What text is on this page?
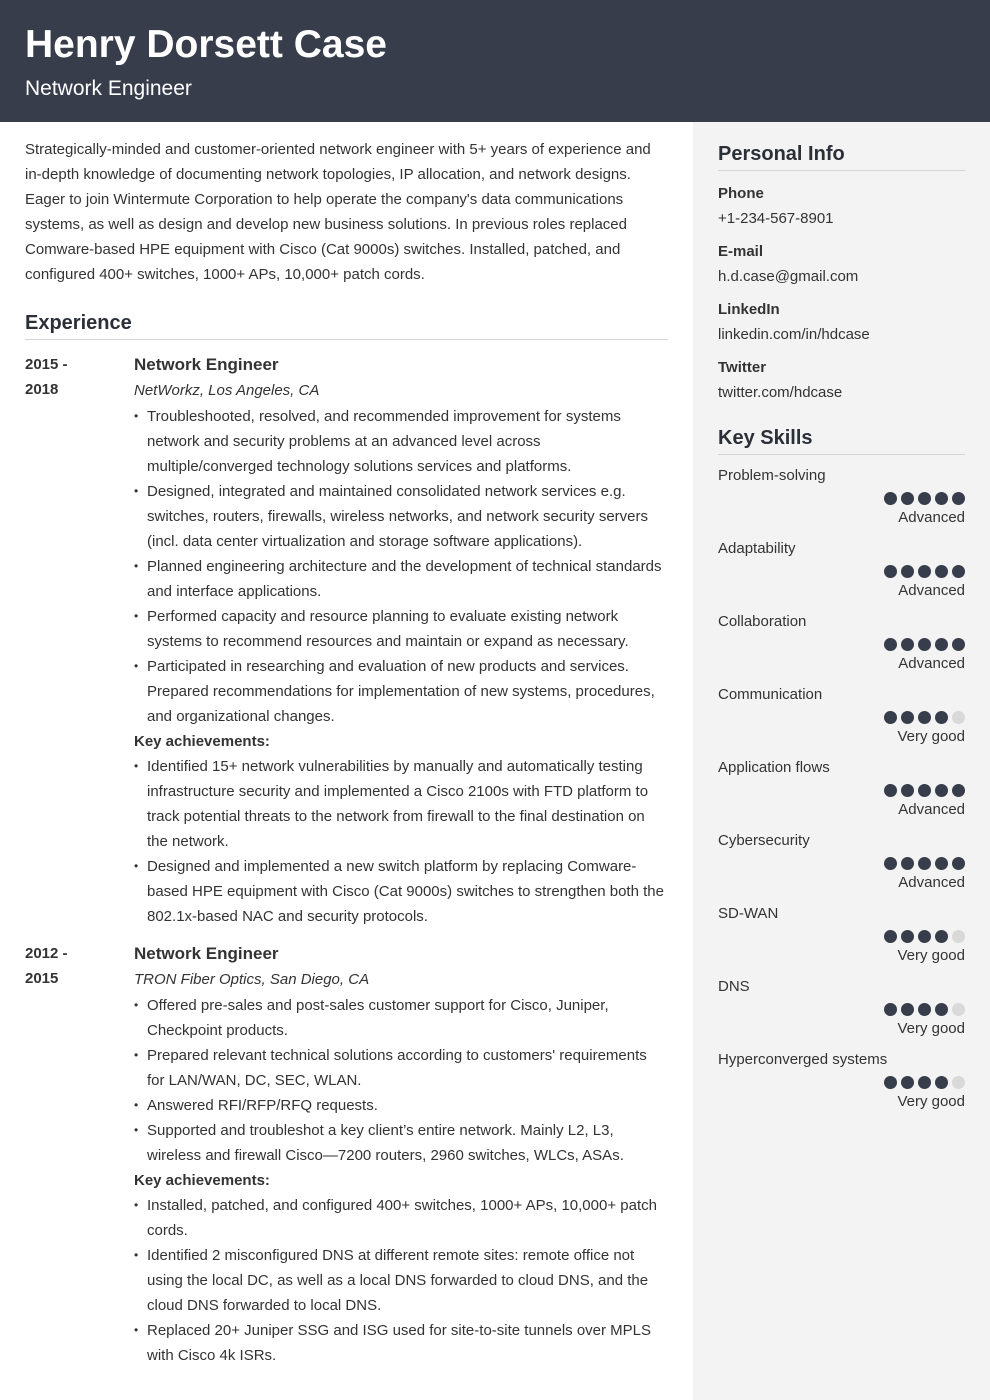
Henry Dorsett Case
Network Engineer
Personal Info
Phone
+1-234-567-8901
E-mail
h.d.case@gmail.com
LinkedIn
linkedin.com/in/hdcase
Twitter
twitter.com/hdcase
Key Skills
Problem-solving
Advanced
Adaptability
Advanced
Collaboration
Advanced
Communication
Very good
Application flows
Advanced
Cybersecurity
Advanced
SD-WAN
Very good
DNS
Very good
Hyperconverged systems
Very good
Strategically-minded and customer-oriented network engineer with 5+ years of experience and in-depth knowledge of documenting network topologies, IP allocation, and network designs. Eager to join Wintermute Corporation to help operate the company's data communications systems, as well as design and develop new business solutions. In previous roles replaced Comware-based HPE equipment with Cisco (Cat 9000s) switches. Installed, patched, and configured 400+ switches, 1000+ APs, 10,000+ patch cords.
Experience
2015 -
2018
Network Engineer
NetWorkz, Los Angeles, CA
• Troubleshooted, resolved, and recommended improvement for systems network and security problems at an advanced level across multiple/converged technology solutions services and platforms.
• Designed, integrated and maintained consolidated network services e.g. switches, routers, firewalls, wireless networks, and network security servers (incl. data center virtualization and storage software applications).
• Planned engineering architecture and the development of technical standards and interface applications.
• Performed capacity and resource planning to evaluate existing network systems to recommend resources and maintain or expand as necessary.
• Participated in researching and evaluation of new products and services. Prepared recommendations for implementation of new systems, procedures, and organizational changes.
Key achievements:
• Identified 15+ network vulnerabilities by manually and automatically testing infrastructure security and implemented a Cisco 2100s with FTD platform to track potential threats to the network from firewall to the final destination on the network.
• Designed and implemented a new switch platform by replacing Comware-based HPE equipment with Cisco (Cat 9000s) switches to strengthen both the 802.1x-based NAC and security protocols.
2012 -
2015
Network Engineer
TRON Fiber Optics, San Diego, CA
• Offered pre-sales and post-sales customer support for Cisco, Juniper, Checkpoint products.
• Prepared relevant technical solutions according to customers' requirements for LAN/WAN, DC, SEC, WLAN.
• Answered RFI/RFP/RFQ requests.
• Supported and troubleshot a key client’s entire network. Mainly L2, L3, wireless and firewall Cisco—7200 routers, 2960 switches, WLCs, ASAs.
Key achievements:
• Installed, patched, and configured 400+ switches, 1000+ APs, 10,000+ patch cords.
• Identified 2 misconfigured DNS at different remote sites: remote office not using the local DC, as well as a local DNS forwarded to cloud DNS, and the cloud DNS forwarded to local DNS.
• Replaced 20+ Juniper SSG and ISG used for site-to-site tunnels over MPLS with Cisco 4k ISRs.
